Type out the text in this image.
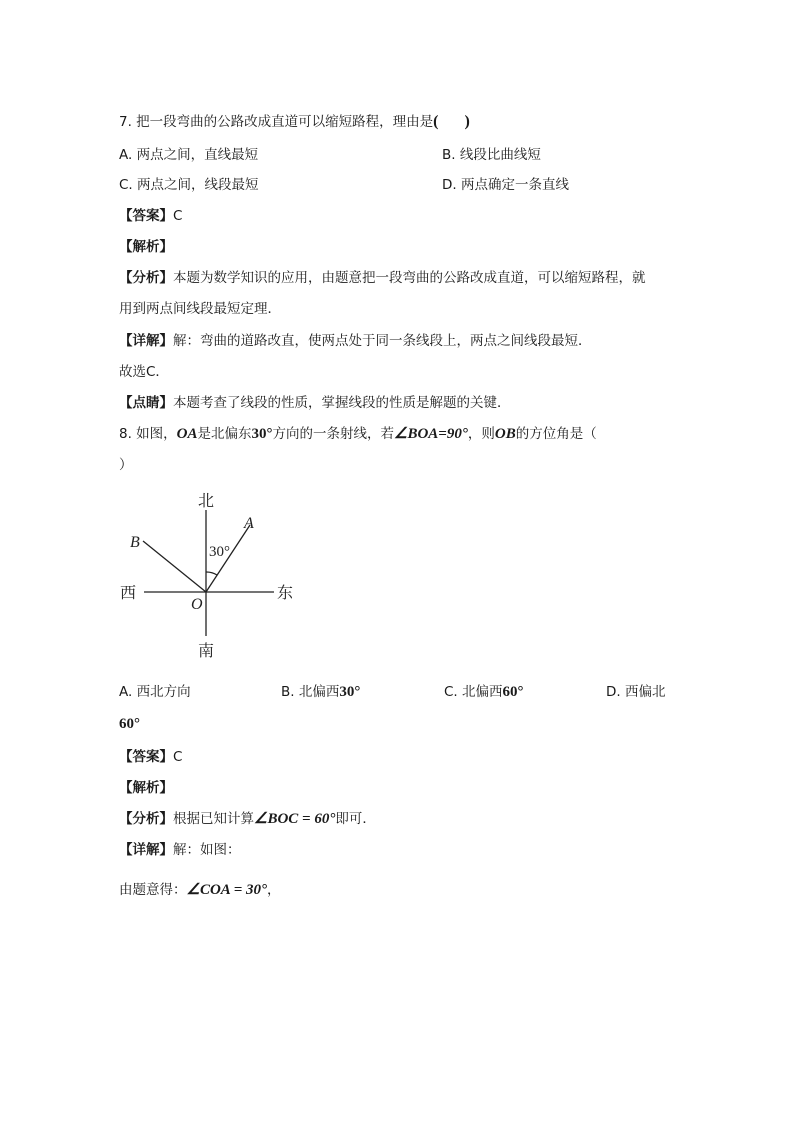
7. 把一段弯曲的公路改成直道可以缩短路程，理由是( )
A. 两点之间，直线最短	B. 线段比曲线短
C. 两点之间，线段最短	D. 两点确定一条直线
【答案】C
【解析】
【分析】本题为数学知识的应用，由题意把一段弯曲的公路改成直道，可以缩短路程，就
用到两点间线段最短定理．
【详解】解：弯曲的道路改直，使两点处于同一条线段上，两点之间线段最短．
故选C．
【点睛】本题考查了线段的性质，掌握线段的性质是解题的关键．
8. 如图，OA是北偏东30°方向的一条射线，若∠BOA=90°，则OB的方位角是（
）
北
南
东
西
A
B
O
30°
A. 西北方向	B. 北偏西30°	C. 北偏西60°	D. 西偏北
60°
【答案】C
【解析】
【分析】根据已知计算∠BOC = 60°即可．
【详解】解：如图：
由题意得：∠COA = 30°，
